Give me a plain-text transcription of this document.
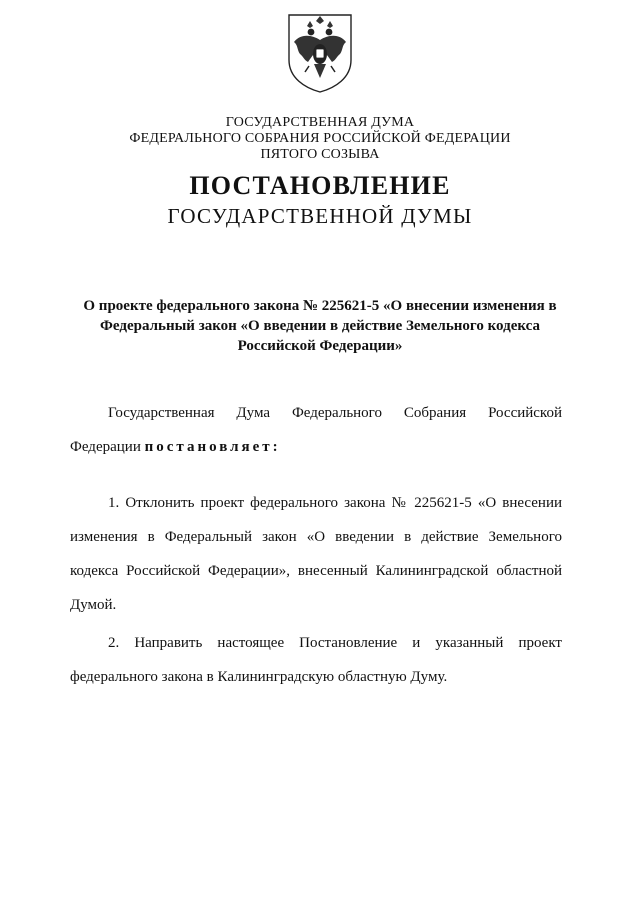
ГОСУДАРСТВЕННАЯ ДУМА
ФЕДЕРАЛЬНОГО СОБРАНИЯ РОССИЙСКОЙ ФЕДЕРАЦИИ
ПЯТОГО СОЗЫВА
ПОСТАНОВЛЕНИЕ
ГОСУДАРСТВЕННОЙ ДУМЫ
О проекте федерального закона № 225621-5 «О внесении изменения в Федеральный закон «О введении в действие Земельного кодекса Российской Федерации»
Государственная Дума Федерального Собрания Российской Федерации постановляет:
1. Отклонить проект федерального закона № 225621-5 «О внесении изменения в Федеральный закон «О введении в действие Земельного кодекса Российской Федерации», внесенный Калининградской областной Думой.
2. Направить настоящее Постановление и указанный проект федерального закона в Калининградскую областную Думу.
